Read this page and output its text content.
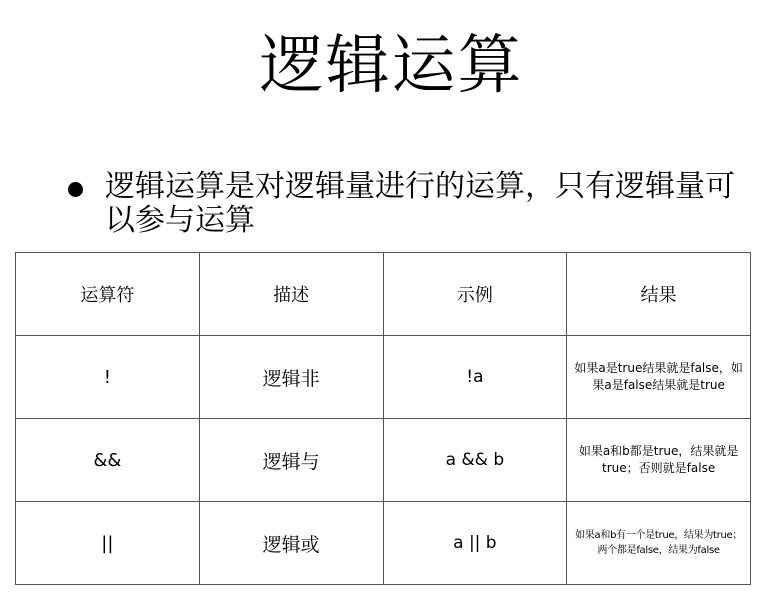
逻辑运算
逻辑运算是对逻辑量进行的运算，只有逻辑量可以参与运算
运算符	描述	示例	结果
!	逻辑非	!a	如果a是true结果就是false，如果a是false结果就是true
&&	逻辑与	a && b	如果a和b都是true，结果就是true；否则就是false
||	逻辑或	a || b	如果a和b有一个是true，结果为true；两个都是false，结果为false
